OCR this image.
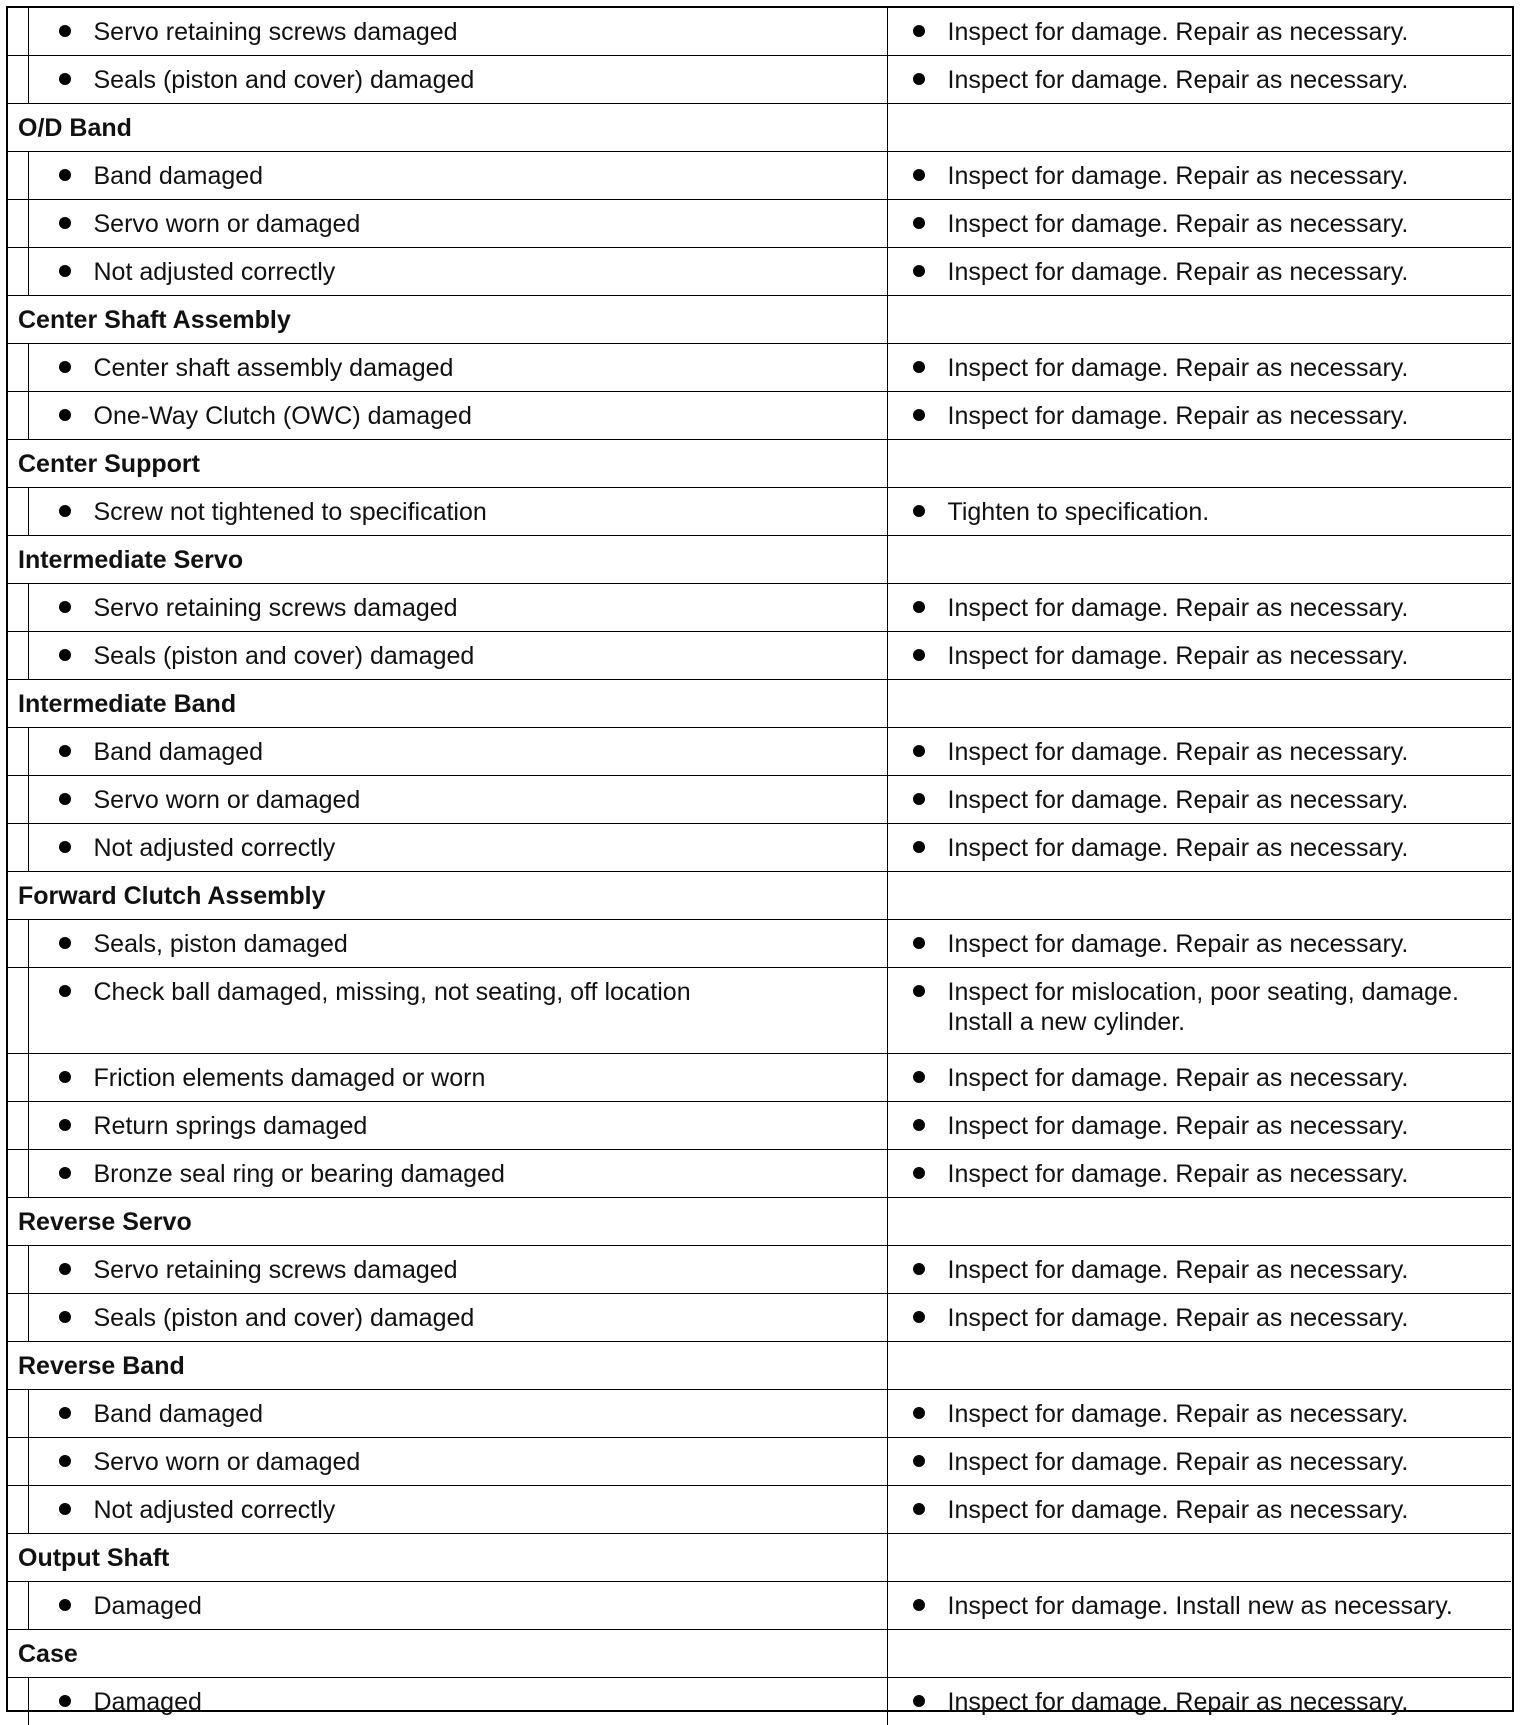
	Servo retaining screws damaged	Inspect for damage. Repair as necessary.

	Seals (piston and cover) damaged	Inspect for damage. Repair as necessary.

O/D Band		

	Band damaged	Inspect for damage. Repair as necessary.

	Servo worn or damaged	Inspect for damage. Repair as necessary.

	Not adjusted correctly	Inspect for damage. Repair as necessary.

Center Shaft Assembly		

	Center shaft assembly damaged	Inspect for damage. Repair as necessary.

	One-Way Clutch (OWC) damaged	Inspect for damage. Repair as necessary.

Center Support		

	Screw not tightened to specification	Tighten to specification.

Intermediate Servo		

	Servo retaining screws damaged	Inspect for damage. Repair as necessary.

	Seals (piston and cover) damaged	Inspect for damage. Repair as necessary.

Intermediate Band		

	Band damaged	Inspect for damage. Repair as necessary.

	Servo worn or damaged	Inspect for damage. Repair as necessary.

	Not adjusted correctly	Inspect for damage. Repair as necessary.

Forward Clutch Assembly		

	Seals, piston damaged	Inspect for damage. Repair as necessary.

	Check ball damaged, missing, not seating, off location	Inspect for mislocation, poor seating, damage. Install a new cylinder.

	Friction elements damaged or worn	Inspect for damage. Repair as necessary.

	Return springs damaged	Inspect for damage. Repair as necessary.

	Bronze seal ring or bearing damaged	Inspect for damage. Repair as necessary.

Reverse Servo		

	Servo retaining screws damaged	Inspect for damage. Repair as necessary.

	Seals (piston and cover) damaged	Inspect for damage. Repair as necessary.

Reverse Band		

	Band damaged	Inspect for damage. Repair as necessary.

	Servo worn or damaged	Inspect for damage. Repair as necessary.

	Not adjusted correctly	Inspect for damage. Repair as necessary.

Output Shaft		

	Damaged	Inspect for damage. Install new as necessary.

Case		

	Damaged	Inspect for damage. Repair as necessary.
